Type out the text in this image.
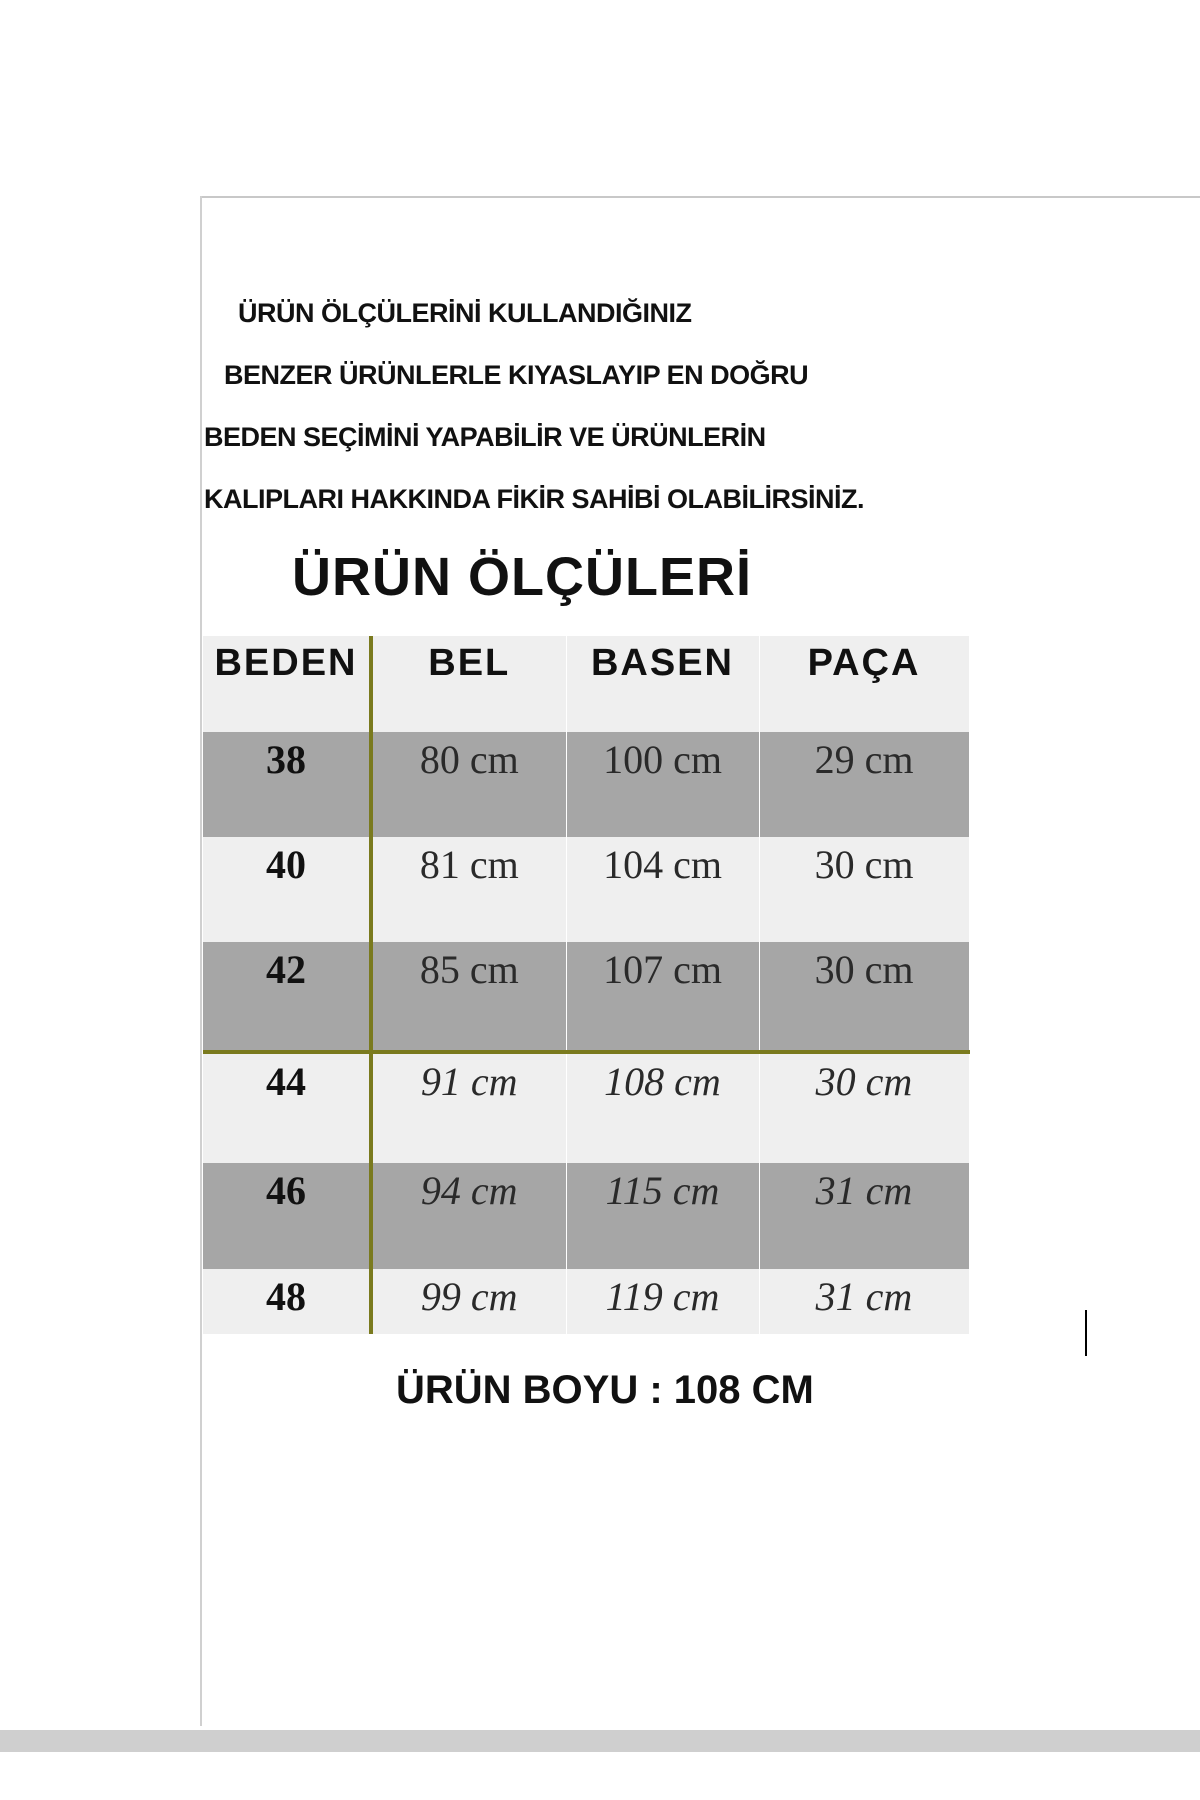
ÜRÜN ÖLÇÜLERİNİ KULLANDIĞINIZ
BENZER ÜRÜNLERLE KIYASLAYIP EN DOĞRU
BEDEN SEÇİMİNİ YAPABİLİR VE ÜRÜNLERİN
KALIPLARI HAKKINDA FİKİR SAHİBİ OLABİLİRSİNİZ.
ÜRÜN ÖLÇÜLERİ
BEDEN	BEL	BASEN	PAÇA
38	80 cm	100 cm	29 cm
40	81 cm	104 cm	30 cm
42	85 cm	107 cm	30 cm
44	91 cm	108 cm	30 cm
46	94 cm	115 cm	31 cm
48	99 cm	119 cm	31 cm
ÜRÜN BOYU : 108 CM
